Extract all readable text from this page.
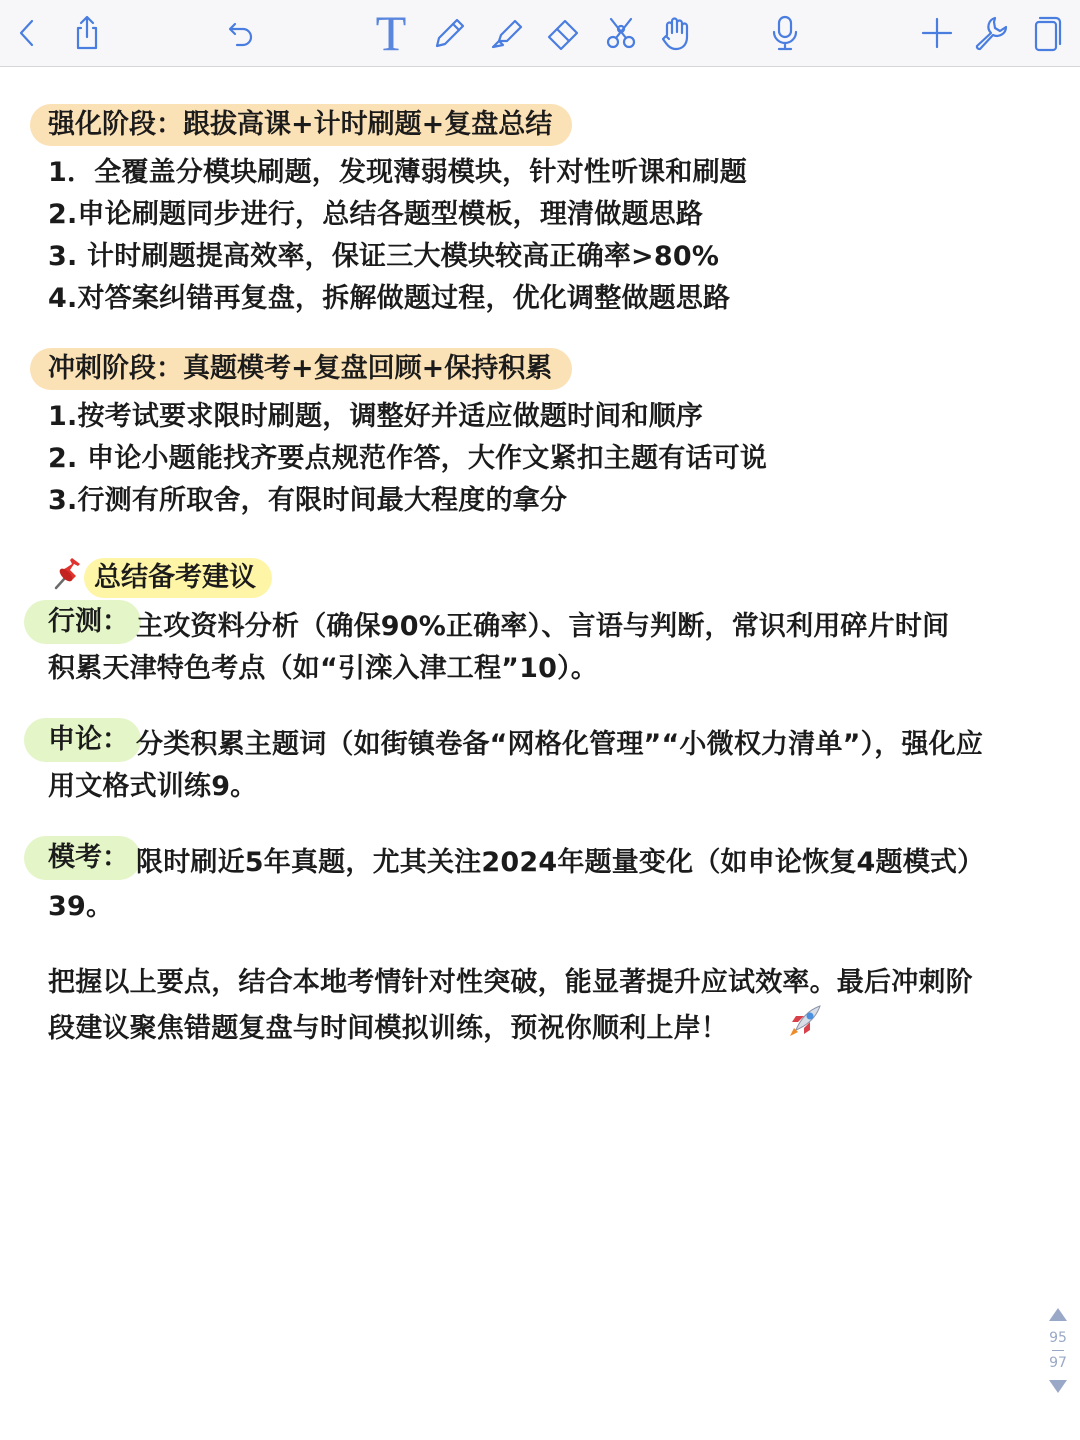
T
强化阶段：跟拔高课+计时刷题+复盘总结
1．全覆盖分模块刷题，发现薄弱模块，针对性听课和刷题
2.申论刷题同步进行，总结各题型模板，理清做题思路
3. 计时刷题提高效率，保证三大模块较高正确率>80%
4.对答案纠错再复盘，拆解做题过程，优化调整做题思路
冲刺阶段：真题模考+复盘回顾+保持积累
1.按考试要求限时刷题，调整好并适应做题时间和顺序
2. 申论小题能找齐要点规范作答，大作文紧扣主题有话可说
3.行测有所取舍，有限时间最大程度的拿分
总结备考建议
行测： 主攻资料分析（确保90%正确率）、言语与判断，常识利用碎片时间
积累天津特色考点（如“引滦入津工程”10）。
申论： 分类积累主题词（如街镇卷备“网格化管理”“小微权力清单”），强化应
用文格式训练9。
模考： 限时刷近5年真题，尤其关注2024年题量变化（如申论恢复4题模式）
39。
把握以上要点，结合本地考情针对性突破，能显著提升应试效率。最后冲刺阶
段建议聚焦错题复盘与时间模拟训练，预祝你顺利上岸！
95
97
